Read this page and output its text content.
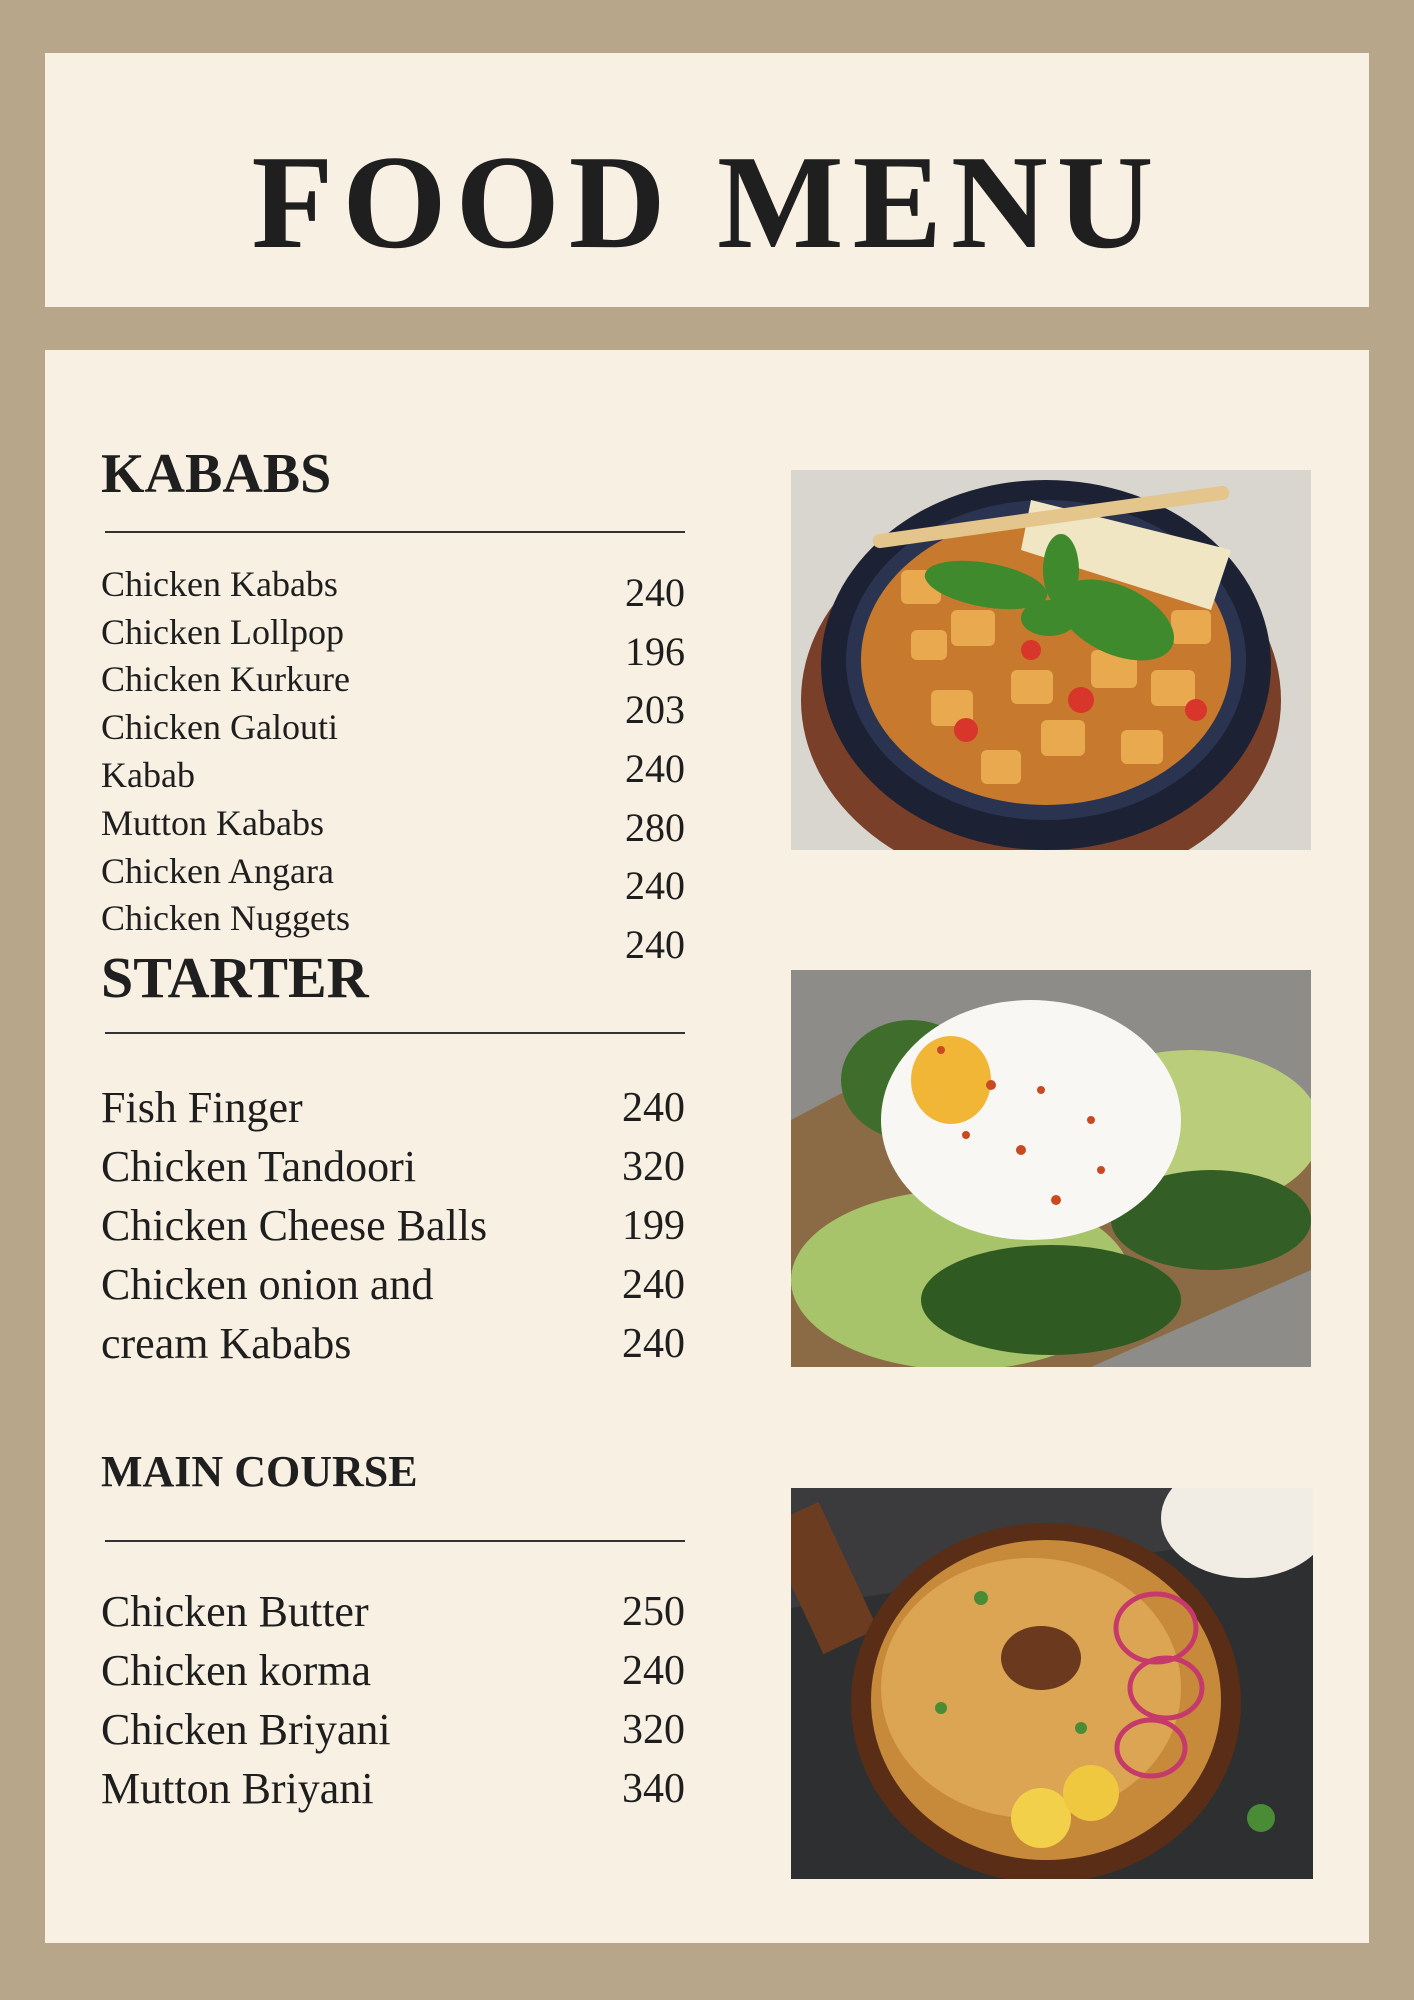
FOOD MENU
KABABS
Chicken Kababs
Chicken Lollpop
Chicken Kurkure
Chicken Galouti
Kabab
Mutton Kababs
Chicken Angara
Chicken Nuggets
240
196
203
240
280
240
240
STARTER
Fish Finger
Chicken Tandoori
Chicken Cheese Balls
Chicken onion and
cream Kababs
240
320
199
240
240
MAIN COURSE
Chicken Butter
Chicken korma
Chicken Briyani
Mutton Briyani
250
240
320
340
